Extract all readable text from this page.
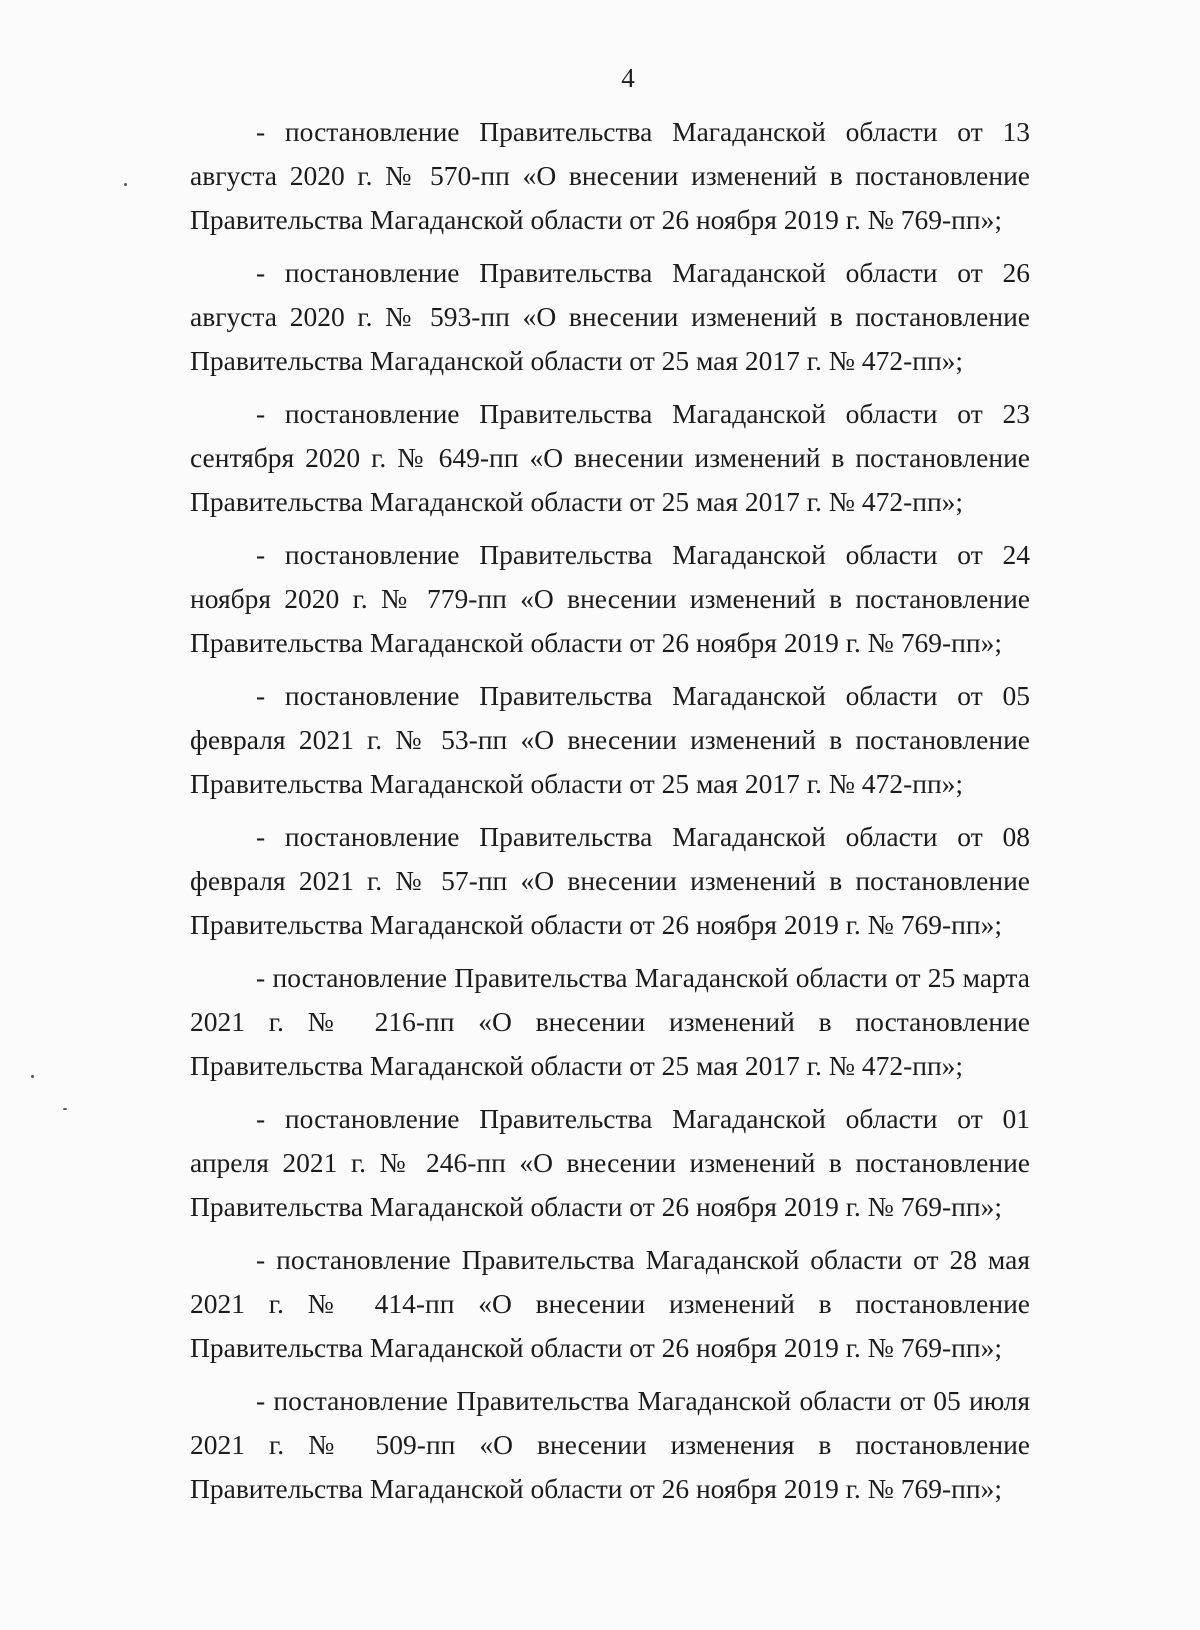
4

- постановление Правительства Магаданской области от 13 августа 2020 г. № 570-пп «О внесении изменений в постановление Правительства Магаданской области от 26 ноября 2019 г. № 769-пп»;

- постановление Правительства Магаданской области от 26 августа 2020 г. № 593-пп «О внесении изменений в постановление Правительства Магаданской области от 25 мая 2017 г. № 472-пп»;

- постановление Правительства Магаданской области от 23 сентября 2020 г. № 649-пп «О внесении изменений в постановление Правительства Магаданской области от 25 мая 2017 г. № 472-пп»;

- постановление Правительства Магаданской области от 24 ноября 2020 г. № 779-пп «О внесении изменений в постановление Правительства Магаданской области от 26 ноября 2019 г. № 769-пп»;

- постановление Правительства Магаданской области от 05 февраля 2021 г. № 53-пп «О внесении изменений в постановление Правительства Магаданской области от 25 мая 2017 г. № 472-пп»;

- постановление Правительства Магаданской области от 08 февраля 2021 г. № 57-пп «О внесении изменений в постановление Правительства Магаданской области от 26 ноября 2019 г. № 769-пп»;

- постановление Правительства Магаданской области от 25 марта 2021 г. № 216-пп «О внесении изменений в постановление Правительства Магаданской области от 25 мая 2017 г. № 472-пп»;

- постановление Правительства Магаданской области от 01 апреля 2021 г. № 246-пп «О внесении изменений в постановление Правительства Магаданской области от 26 ноября 2019 г. № 769-пп»;

- постановление Правительства Магаданской области от 28 мая 2021 г. № 414-пп «О внесении изменений в постановление Правительства Магаданской области от 26 ноября 2019 г. № 769-пп»;

- постановление Правительства Магаданской области от 05 июля 2021 г. № 509-пп «О внесении изменения в постановление Правительства Магаданской области от 26 ноября 2019 г. № 769-пп»;
